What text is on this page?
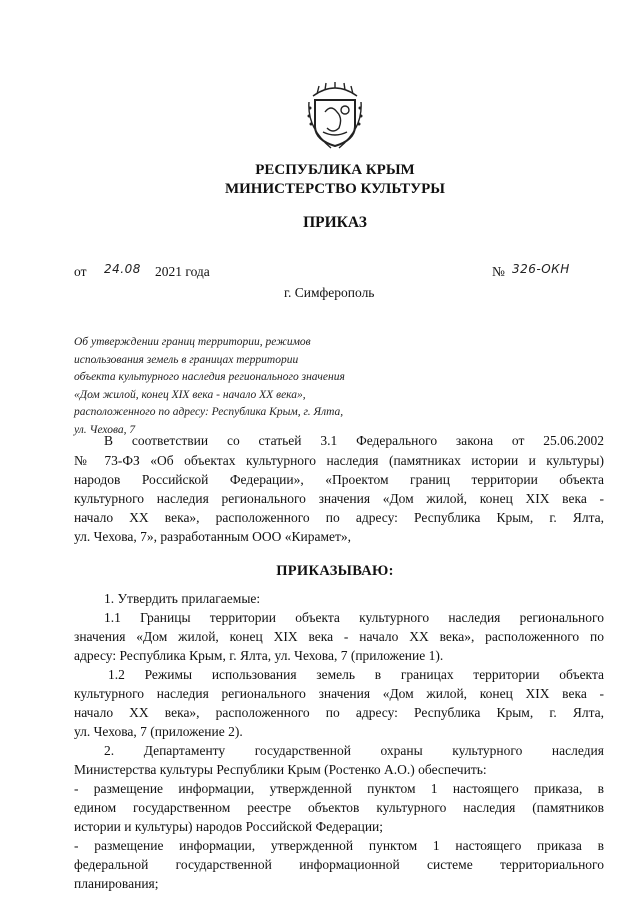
РЕСПУБЛИКА КРЫМ
МИНИСТЕРСТВО КУЛЬТУРЫ
ПРИКАЗ
от 24.08 2021 года	№ 326-ОКН
г. Симферополь
Об утверждении границ территории, режимов
использования земель в границах территории
объекта культурного наследия регионального значения
«Дом жилой, конец XIX века - начало XX века»,
расположенного по адресу: Республика Крым, г. Ялта,
ул. Чехова, 7
В соответствии со статьей 3.1 Федерального закона от 25.06.2002
№ 73-ФЗ «Об объектах культурного наследия (памятниках истории и культуры)
народов Российской Федерации», «Проектом границ территории объекта
культурного наследия регионального значения «Дом жилой, конец XIX века -
начало XX века», расположенного по адресу: Республика Крым, г. Ялта,
ул. Чехова, 7», разработанным ООО «Кирамет»,
ПРИКАЗЫВАЮ:
1. Утвердить прилагаемые:
1.1 Границы территории объекта культурного наследия регионального
значения «Дом жилой, конец XIX века - начало XX века», расположенного по
адресу: Республика Крым, г. Ялта, ул. Чехова, 7 (приложение 1).
1.2 Режимы использования земель в границах территории объекта
культурного наследия регионального значения «Дом жилой, конец XIX века -
начало XX века», расположенного по адресу: Республика Крым, г. Ялта,
ул. Чехова, 7 (приложение 2).
2. Департаменту государственной охраны культурного наследия
Министерства культуры Республики Крым (Ростенко А.О.) обеспечить:
- размещение информации, утвержденной пунктом 1 настоящего приказа, в
едином государственном реестре объектов культурного наследия (памятников
истории и культуры) народов Российской Федерации;
- размещение информации, утвержденной пунктом 1 настоящего приказа в
федеральной государственной информационной системе территориального
планирования;
